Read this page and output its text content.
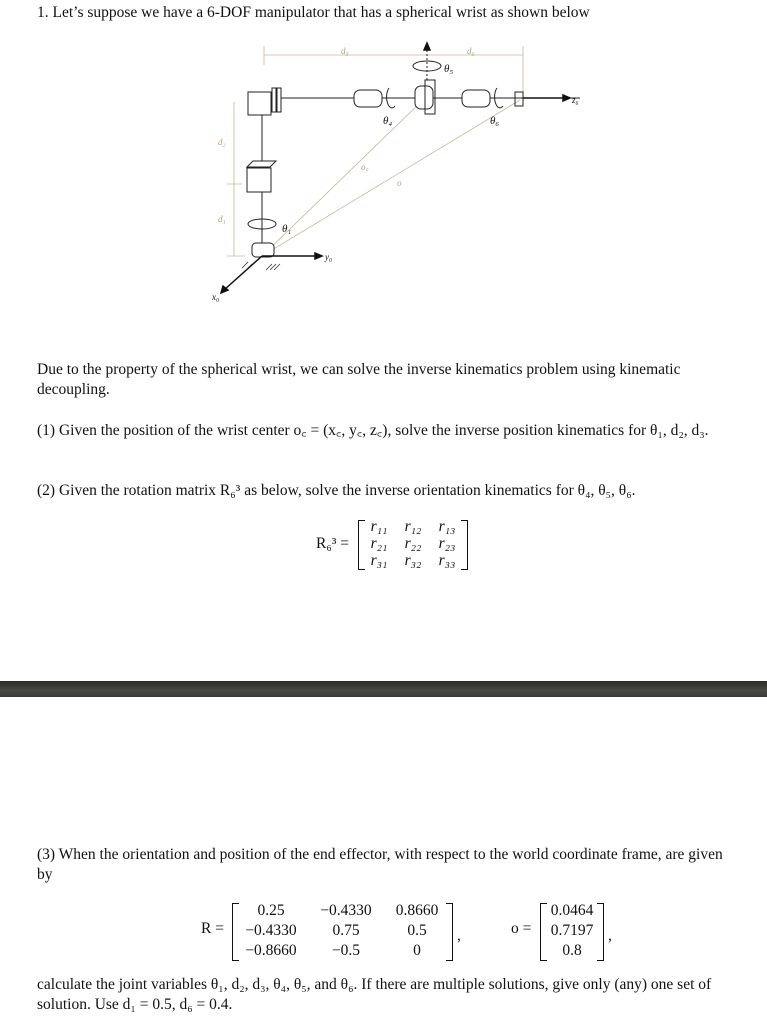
1. Let’s suppose we have a 6-DOF manipulator that has a spherical wrist as shown below
d₃	d₆
d₂
d₁
o꜀
o
θ₅
θ₄	θ₆
θ₁
z₆
y₀
x₀
Due to the property of the spherical wrist, we can solve the inverse kinematics problem using kinematic decoupling.
(1) Given the position of the wrist center o꜀ = (x꜀, y꜀, z꜀), solve the inverse position kinematics for θ₁, d₂, d₃.
(2) Given the rotation matrix R₆³ as below, solve the inverse orientation kinematics for θ₄, θ₅, θ₆.
R₆³ =
r₁₁	r₁₂	r₁₃
r₂₁	r₂₂	r₂₃
r₃₁	r₃₂	r₃₃
(3) When the orientation and position of the end effector, with respect to the world coordinate frame, are given by
R =
0.25	−0.4330	0.8660
−0.4330	0.75	0.5
−0.8660	−0.5	0
,	o =
0.0464
0.7197
0.8
,
calculate the joint variables θ₁, d₂, d₃, θ₄, θ₅, and θ₆. If there are multiple solutions, give only (any) one set of solution. Use d₁ = 0.5, d₆ = 0.4.
